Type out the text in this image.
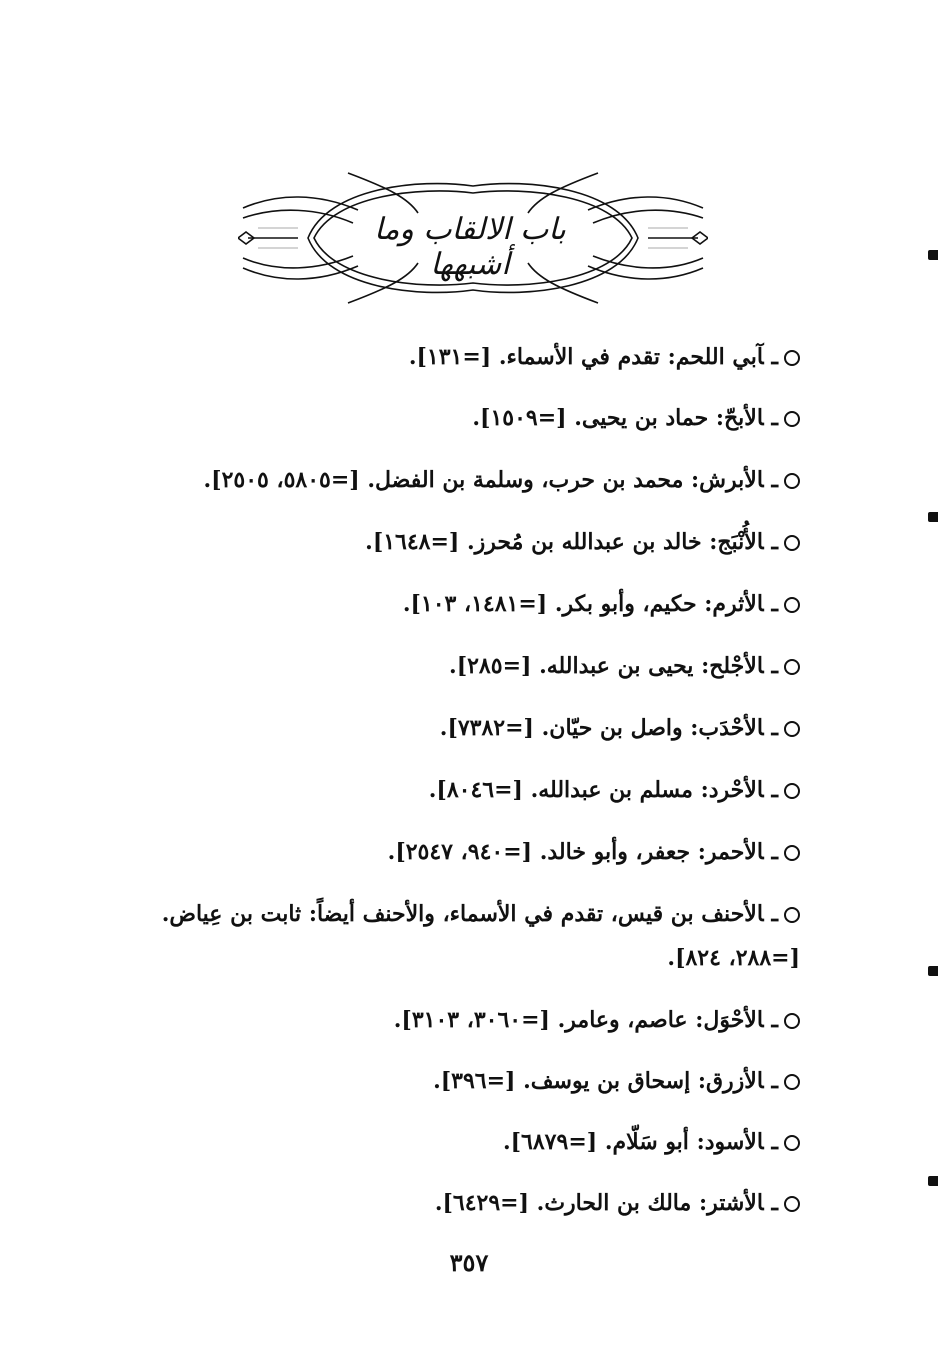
باب الالقاب وما أشبهها
ـآبي اللحم: تقدم في الأسماء. [=١٣١].
ـالأبحّ: حماد بن يحيى. [=١٥٠٩].
ـالأبرش: محمد بن حرب، وسلمة بن الفضل. [=٥٨٠٥، ٢٥٠٥].
ـالأُنْبَج: خالد بن عبدالله بن مُحرز. [=١٦٤٨].
ـالأثرم: حكيم، وأبو بكر. [=١٤٨١، ١٠٣].
ـالأجْلح: يحيى بن عبدالله. [=٢٨٥].
ـالأحْدَب: واصل بن حيّان. [=٧٣٨٢].
ـالأحْرد: مسلم بن عبدالله. [=٨٠٤٦].
ـالأحمر: جعفر، وأبو خالد. [=٩٤٠، ٢٥٤٧].
ـالأحنف بن قيس، تقدم في الأسماء، والأحنف أيضاً: ثابت بن عِياض. [=٢٨٨، ٨٢٤].
ـالأحْوَل: عاصم، وعامر. [=٣٠٦٠، ٣١٠٣].
ـالأزرق: إسحاق بن يوسف. [=٣٩٦].
ـالأسود: أبو سَلّام. [=٦٨٧٩].
ـالأشتر: مالك بن الحارث. [=٦٤٢٩].
٣٥٧
